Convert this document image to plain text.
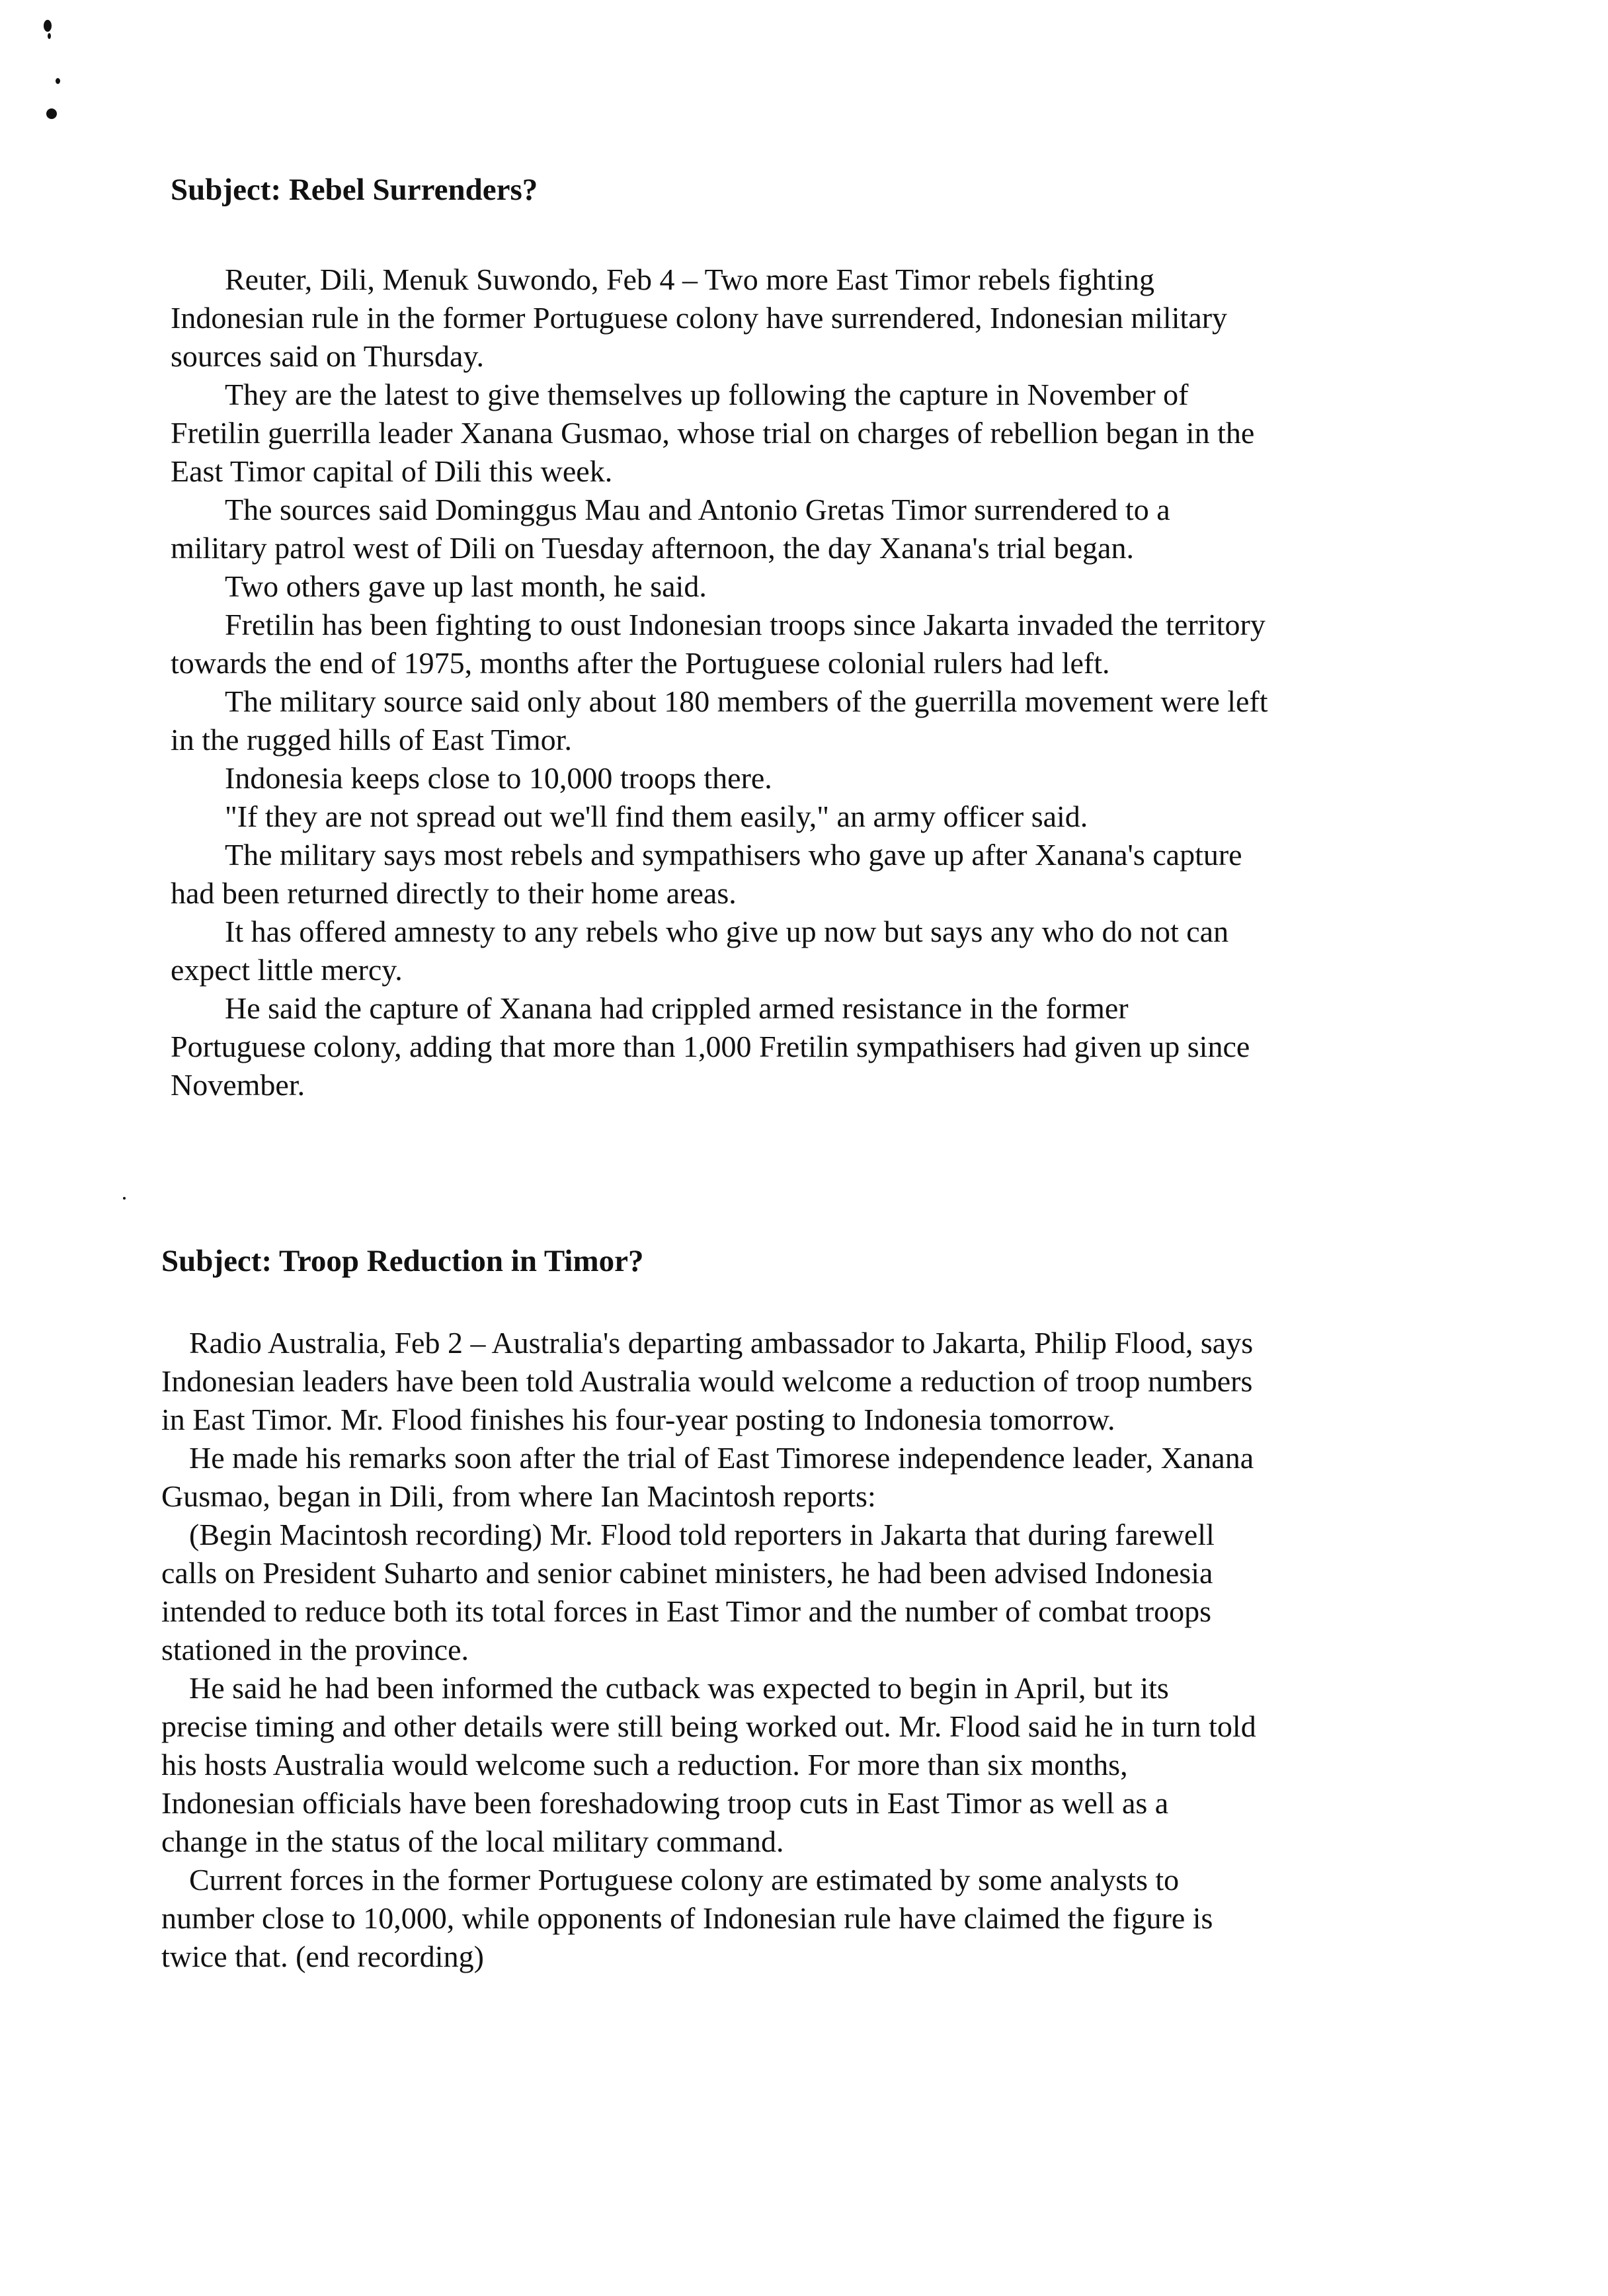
Subject: Rebel Surrenders?

Reuter, Dili, Menuk Suwondo, Feb 4 – Two more East Timor rebels fighting Indonesian rule in the former Portuguese colony have surrendered, Indonesian military sources said on Thursday.

They are the latest to give themselves up following the capture in November of Fretilin guerrilla leader Xanana Gusmao, whose trial on charges of rebellion began in the East Timor capital of Dili this week.

The sources said Dominggus Mau and Antonio Gretas Timor surrendered to a military patrol west of Dili on Tuesday afternoon, the day Xanana's trial began.

Two others gave up last month, he said.

Fretilin has been fighting to oust Indonesian troops since Jakarta invaded the territory towards the end of 1975, months after the Portuguese colonial rulers had left.

The military source said only about 180 members of the guerrilla movement were left in the rugged hills of East Timor.

Indonesia keeps close to 10,000 troops there.

"If they are not spread out we'll find them easily," an army officer said.

The military says most rebels and sympathisers who gave up after Xanana's capture had been returned directly to their home areas.

It has offered amnesty to any rebels who give up now but says any who do not can expect little mercy.

He said the capture of Xanana had crippled armed resistance in the former Portuguese colony, adding that more than 1,000 Fretilin sympathisers had given up since November.

Subject: Troop Reduction in Timor?

Radio Australia, Feb 2 – Australia's departing ambassador to Jakarta, Philip Flood, says Indonesian leaders have been told Australia would welcome a reduction of troop numbers in East Timor. Mr. Flood finishes his four-year posting to Indonesia tomorrow.

He made his remarks soon after the trial of East Timorese independence leader, Xanana Gusmao, began in Dili, from where Ian Macintosh reports:

(Begin Macintosh recording) Mr. Flood told reporters in Jakarta that during farewell calls on President Suharto and senior cabinet ministers, he had been advised Indonesia intended to reduce both its total forces in East Timor and the number of combat troops stationed in the province.

He said he had been informed the cutback was expected to begin in April, but its precise timing and other details were still being worked out. Mr. Flood said he in turn told his hosts Australia would welcome such a reduction. For more than six months, Indonesian officials have been foreshadowing troop cuts in East Timor as well as a change in the status of the local military command.

Current forces in the former Portuguese colony are estimated by some analysts to number close to 10,000, while opponents of Indonesian rule have claimed the figure is twice that. (end recording)
